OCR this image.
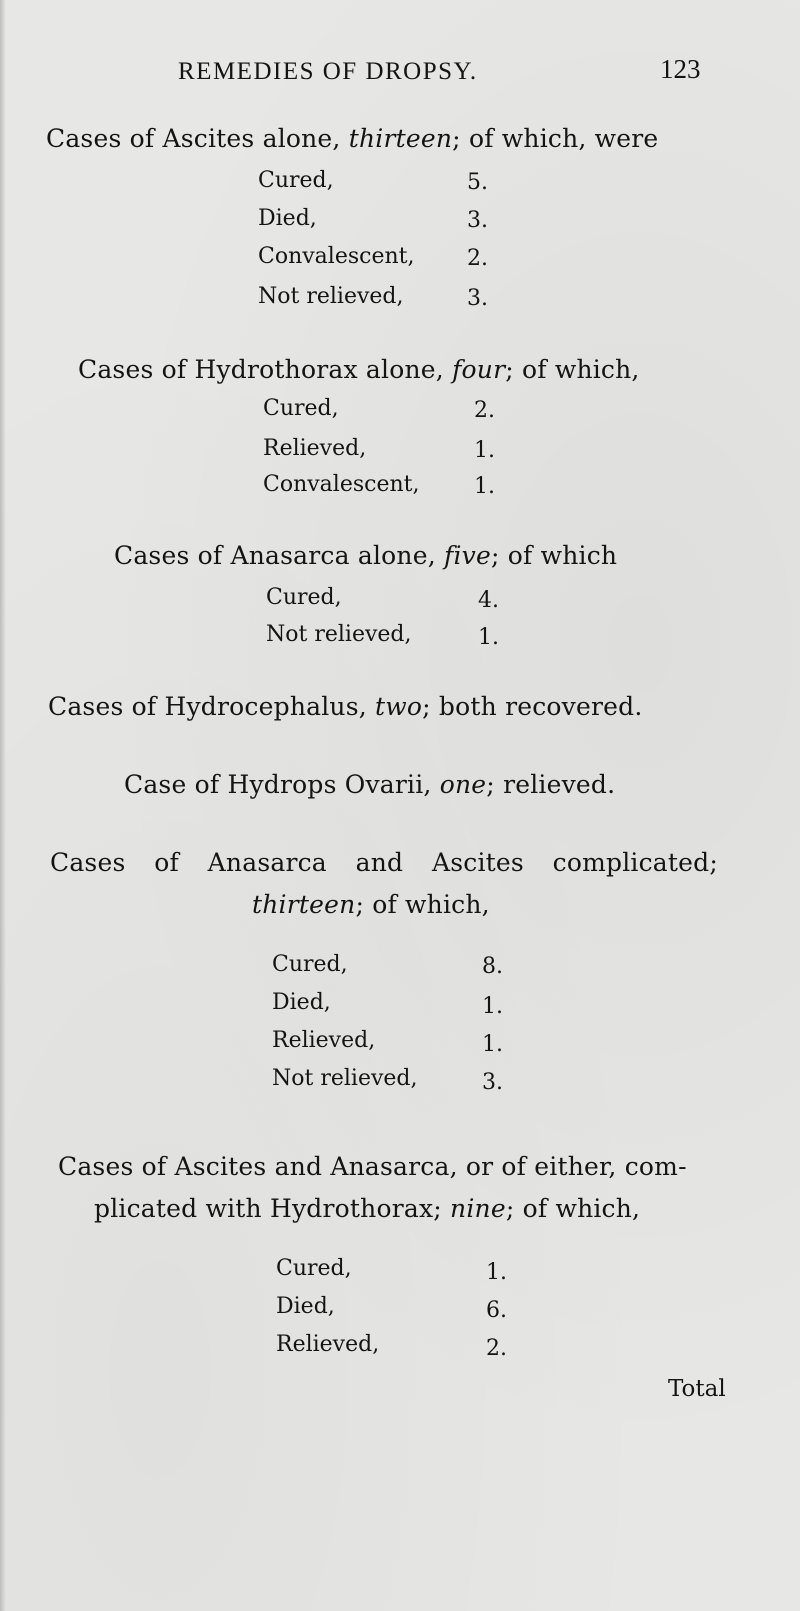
REMEDIES OF DROPSY.	123
Cases of Ascites alone, thirteen; of which, were
Cured,	5.
Died,	3.
Convalescent, 2.
Not relieved,	3.
Cases of Hydrothorax alone, four; of which,
Cured,	2.
Relieved,	1.
Convalescent, 1.
Cases of Anasarca alone, five; of which
Cured,	4.
Not relieved,	1.
Cases of Hydrocephalus, two; both recovered.
Case of Hydrops Ovarii, one; relieved.
Cases of Anasarca and Ascites complicated;
thirteen; of which,
Cured,	8.
Died,	1.
Relieved,	1.
Not relieved,	3.
Cases of Ascites and Anasarca, or of either, com-
plicated with Hydrothorax; nine; of which,
Cured,	1.
Died,	6.
Relieved,	2.
Total
